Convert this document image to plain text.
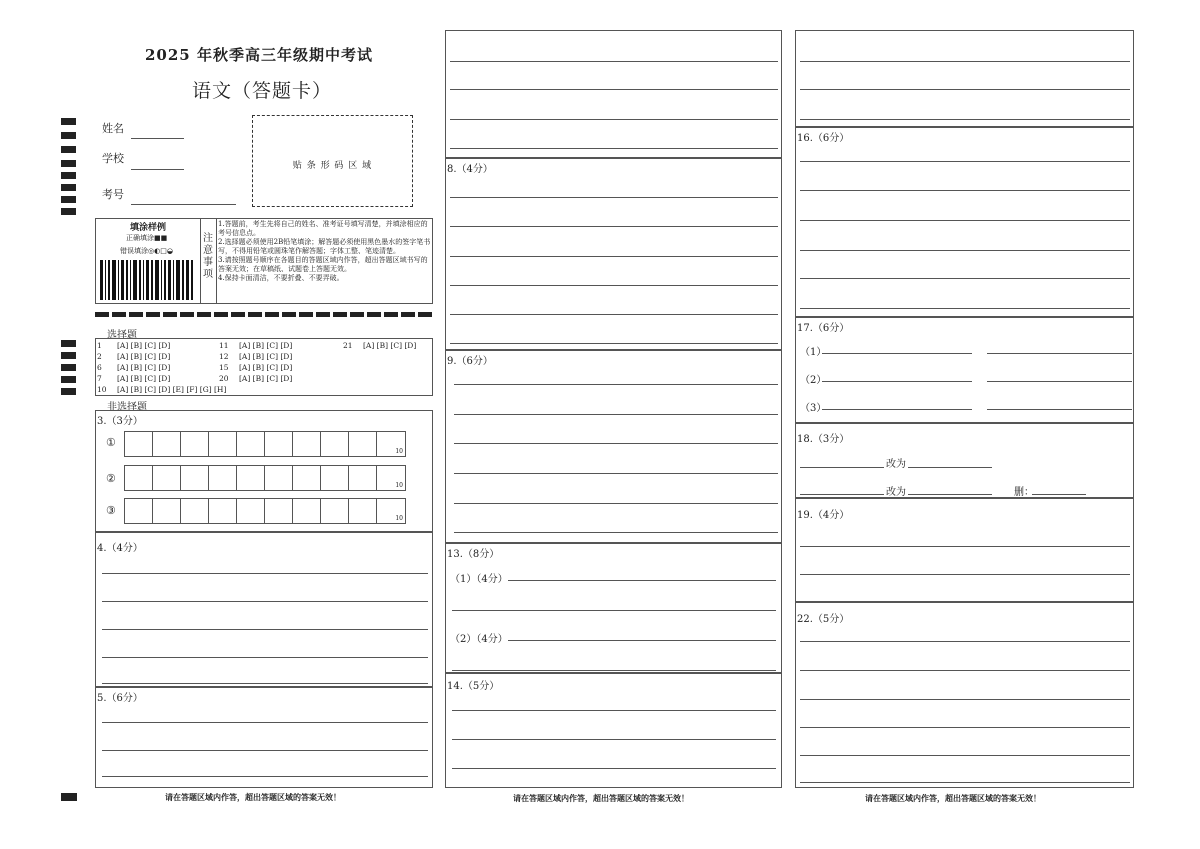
2025 年秋季高三年级期中考试
语文（答题卡）
姓名
学校
考号
贴 条 形 码 区 域
填涂样例
正确填涂■■
错误填涂◎◐□◒
注意事项
1.答题前，考生先将自己的姓名、准考证号填写清楚，并填涂相应的考号信息点。
2.选择题必须使用2B铅笔填涂；解答题必须使用黑色墨水的签字笔书写，不得用铅笔或圆珠笔作解答题；字体工整、笔迹清楚。
3.请按照题号顺序在各题目的答题区域内作答，超出答题区域书写的答案无效；在草稿纸、试题卷上答题无效。
4.保持卡面清洁，不要折叠、不要弄破。
选择题
1 [A] [B] [C] [D]
2 [A] [B] [C] [D]
6 [A] [B] [C] [D]
7 [A] [B] [C] [D]
10 [A] [B] [C] [D] [E] [F] [G] [H]
11 [A] [B] [C] [D]
12 [A] [B] [C] [D]
15 [A] [B] [C] [D]
20 [A] [B] [C] [D]
21 [A] [B] [C] [D]
非选择题
3.（3分）
①
10
②
10
③
10
4.（4分）
5.（6分）
请在答题区域内作答，超出答题区域的答案无效！
8.（4分）
9.（6分）
13.（8分）
（1）（4分）
（2）（4分）
14.（5分）
请在答题区域内作答，超出答题区域的答案无效！
16.（6分）
17.（6分）
（1）
（2）
（3）
18.（3分）
改为
改为	删：
19.（4分）
22.（5分）
请在答题区域内作答，超出答题区域的答案无效！
